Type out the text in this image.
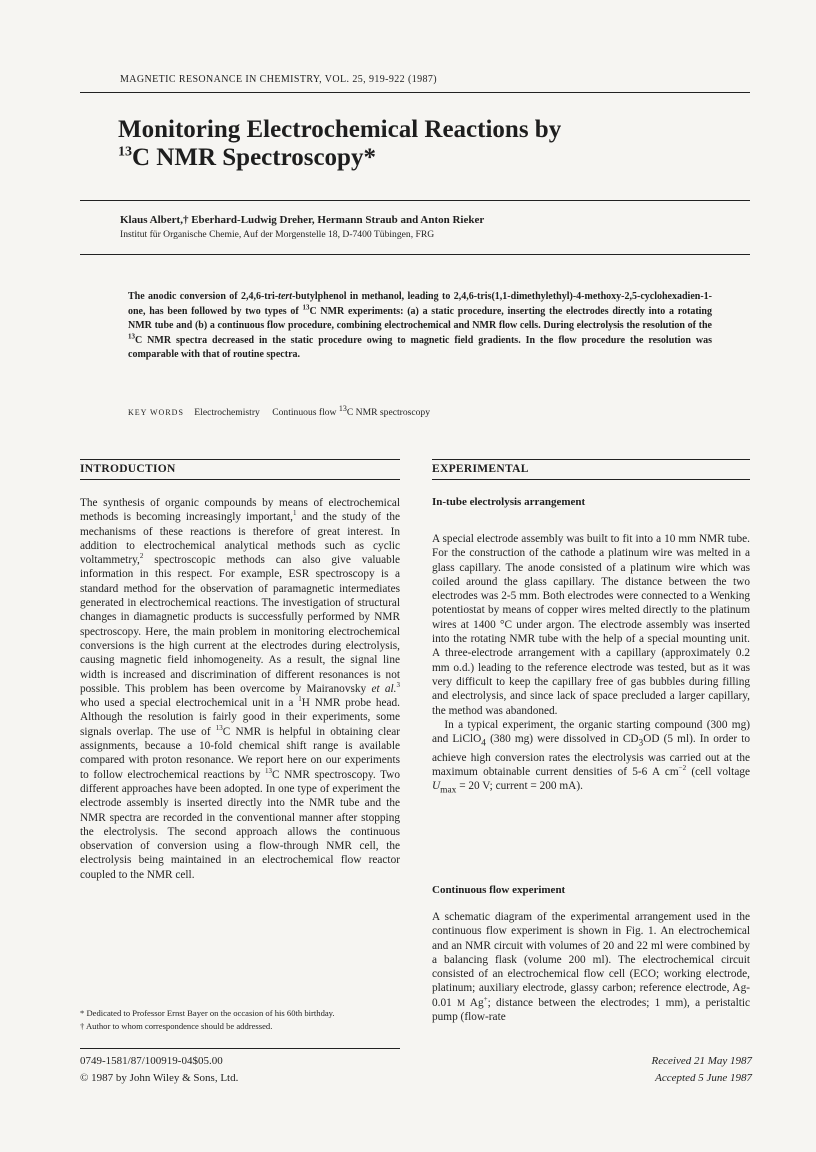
MAGNETIC RESONANCE IN CHEMISTRY, VOL. 25, 919-922 (1987)
Monitoring Electrochemical Reactions by
$^{13}$C NMR Spectroscopy*
Klaus Albert,† Eberhard-Ludwig Dreher, Hermann Straub and Anton Rieker
Institut für Organische Chemie, Auf der Morgenstelle 18, D-7400 Tübingen, FRG
The anodic conversion of 2,4,6-tri-tert-butylphenol in methanol, leading to 2,4,6-tris(1,1-dimethylethyl)-4-methoxy-2,5-cyclohexadien-1-one, has been followed by two types of $^{13}$C NMR experiments: (a) a static procedure, inserting the electrodes directly into a rotating NMR tube and (b) a continuous flow procedure, combining electrochemical and NMR flow cells. During electrolysis the resolution of the $^{13}$C NMR spectra decreased in the static procedure owing to magnetic field gradients. In the flow procedure the resolution was comparable with that of routine spectra.
KEY WORDS Electrochemistry Continuous flow $^{13}$C NMR spectroscopy
INTRODUCTION

The synthesis of organic compounds by means of electrochemical methods is becoming increasingly important,$^1$ and the study of the mechanisms of these reactions is therefore of great interest. In addition to electrochemical analytical methods such as cyclic voltammetry,$^2$ spectroscopic methods can also give valuable information in this respect. For example, ESR spectroscopy is a standard method for the observation of paramagnetic intermediates generated in electrochemical reactions. The investigation of structural changes in diamagnetic products is successfully performed by NMR spectroscopy. Here, the main problem in monitoring electrochemical conversions is the high current at the electrodes during electrolysis, causing magnetic field inhomogeneity. As a result, the signal line width is increased and discrimination of different resonances is not possible. This problem has been overcome by Mairanovsky et al.$^3$ who used a special electrochemical unit in a $^1$H NMR probe head. Although the resolution is fairly good in their experiments, some signals overlap. The use of $^{13}$C NMR is helpful in obtaining clear assignments, because a 10-fold chemical shift range is available compared with proton resonance. We report here on our experiments to follow electrochemical reactions by $^{13}$C NMR spectroscopy. Two different approaches have been adopted. In one type of experiment the electrode assembly is inserted directly into the NMR tube and the NMR spectra are recorded in the conventional manner after stopping the electrolysis. The second approach allows the continuous observation of conversion using a flow-through NMR cell, the electrolysis being maintained in an electrochemical flow reactor coupled to the NMR cell.

* Dedicated to Professor Ernst Bayer on the occasion of his 60th birthday.

† Author to whom correspondence should be addressed.

0749-1581/87/100919-04$05.00
© 1987 by John Wiley & Sons, Ltd.
EXPERIMENTAL
In-tube electrolysis arrangement

A special electrode assembly was built to fit into a 10 mm NMR tube. For the construction of the cathode a platinum wire was melted in a glass capillary. The anode consisted of a platinum wire which was coiled around the glass capillary. The distance between the two electrodes was 2-5 mm. Both electrodes were connected to a Wenking potentiostat by means of copper wires melted directly to the platinum wires at 1400 °C under argon. The electrode assembly was inserted into the rotating NMR tube with the help of a special mounting unit. A three-electrode arrangement with a capillary (approximately 0.2 mm o.d.) leading to the reference electrode was tested, but as it was very difficult to keep the capillary free of gas bubbles during filling and electrolysis, and since lack of space precluded a larger capillary, the method was abandoned.

In a typical experiment, the organic starting compound (300 mg) and LiClO$_4$ (380 mg) were dissolved in $CD_3OD$ (5 ml). In order to achieve high conversion rates the electrolysis was carried out at the maximum obtainable current densities of 5-6 A $cm^{-2}$ (cell voltage $U_{max} = 20$ V; current = 200 mA).

Continuous flow experiment

A schematic diagram of the experimental arrangement used in the continuous flow experiment is shown in Fig. 1. An electrochemical and an NMR circuit with volumes of 20 and 22 ml were combined by a balancing flask (volume 200 ml). The electrochemical circuit consisted of an electrochemical flow cell (ECO; working electrode, platinum; auxiliary electrode, glassy carbon; reference electrode, Ag-0.01 M Ag+; distance between the electrodes; 1 mm), a peristaltic pump (flow-rate

Received 21 May 1987
Accepted 5 June 1987
